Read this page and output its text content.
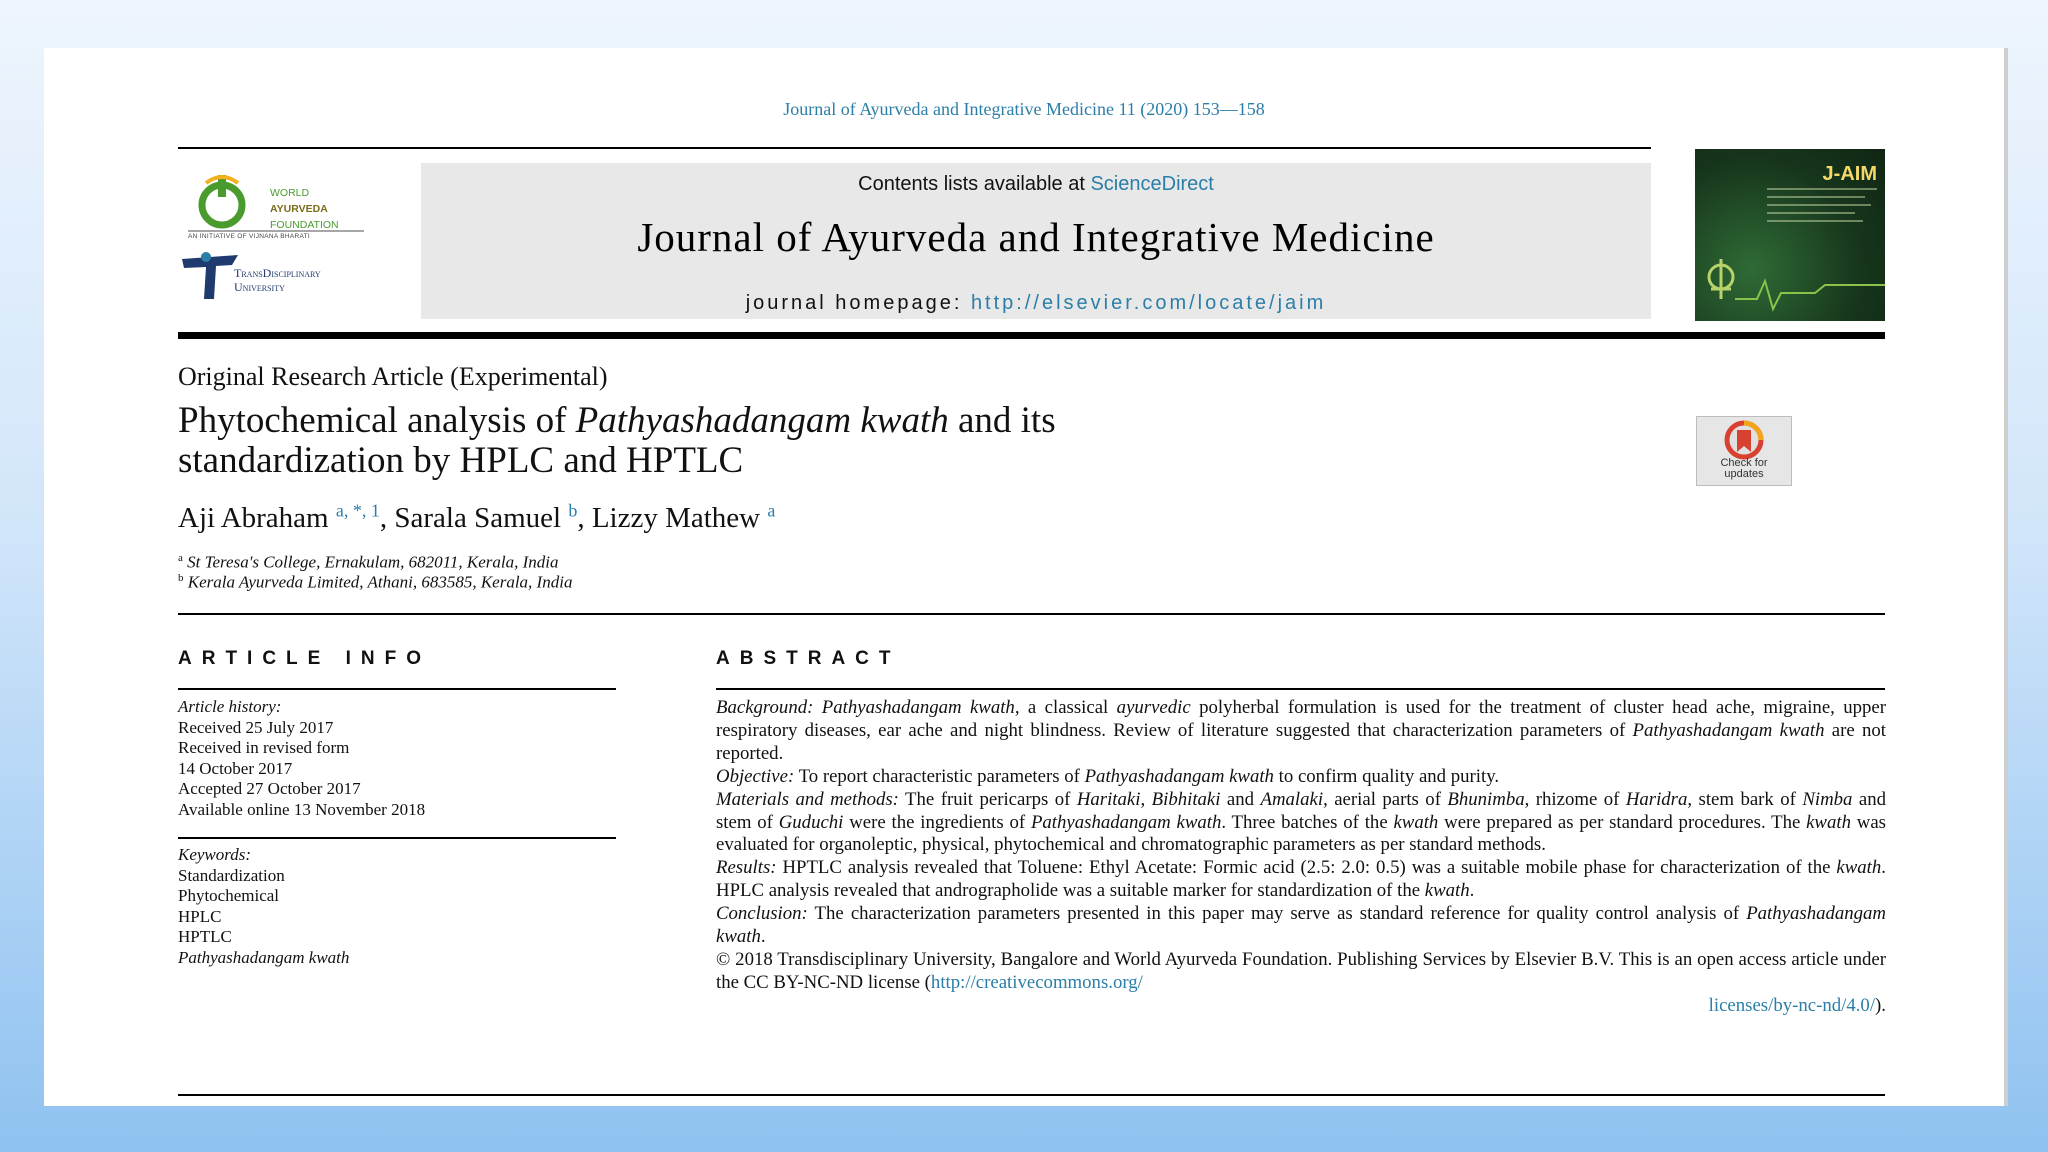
Journal of Ayurveda and Integrative Medicine 11 (2020) 153—158
WORLD
AYURVEDA
FOUNDATION
AN INITIATIVE OF VIJNANA BHARATI
TransDisciplinary
University
Contents lists available at ScienceDirect
Journal of Ayurveda and Integrative Medicine
journal homepage: http://elsevier.com/locate/jaim
J-AIM
Original Research Article (Experimental)
Phytochemical analysis of Pathyashadangam kwath and its
standardization by HPLC and HPTLC	Check for updates
Aji Abraham $^{a, *, 1}$, Sarala Samuel $^b$, Lizzy Mathew $^a$
$^a$ St Teresa's College, Ernakulam, 682011, Kerala, India
$^b$ Kerala Ayurveda Limited, Athani, 683585, Kerala, India
ARTICLE INFO
Article history:
Received 25 July 2017
Received in revised form
14 October 2017
Accepted 27 October 2017
Available online 13 November 2018
Keywords:
Standardization
Phytochemical
HPLC
HPTLC
Pathyashadangam kwath
ABSTRACT

Background: Pathyashadangam kwath, a classical ayurvedic polyherbal formulation is used for the treatment of cluster head ache, migraine, upper respiratory diseases, ear ache and night blindness. Review of literature suggested that characterization parameters of Pathyashadangam kwath are not reported.

Objective: To report characteristic parameters of Pathyashadangam kwath to confirm quality and purity.

Materials and methods: The fruit pericarps of Haritaki, Bibhitaki and Amalaki, aerial parts of Bhunimba, rhizome of Haridra, stem bark of Nimba and stem of Guduchi were the ingredients of Pathyashadangam kwath. Three batches of the kwath were prepared as per standard procedures. The kwath was evaluated for organoleptic, physical, phytochemical and chromatographic parameters as per standard methods.

Results: HPTLC analysis revealed that Toluene: Ethyl Acetate: Formic acid (2.5: 2.0: 0.5) was a suitable mobile phase for characterization of the kwath. HPLC analysis revealed that andrographolide was a suitable marker for standardization of the kwath.

Conclusion: The characterization parameters presented in this paper may serve as standard reference for quality control analysis of Pathyashadangam kwath.

© 2018 Transdisciplinary University, Bangalore and World Ayurveda Foundation. Publishing Services by Elsevier B.V. This is an open access article under the CC BY-NC-ND license (http://creativecommons.org/

licenses/by-nc-nd/4.0/).
